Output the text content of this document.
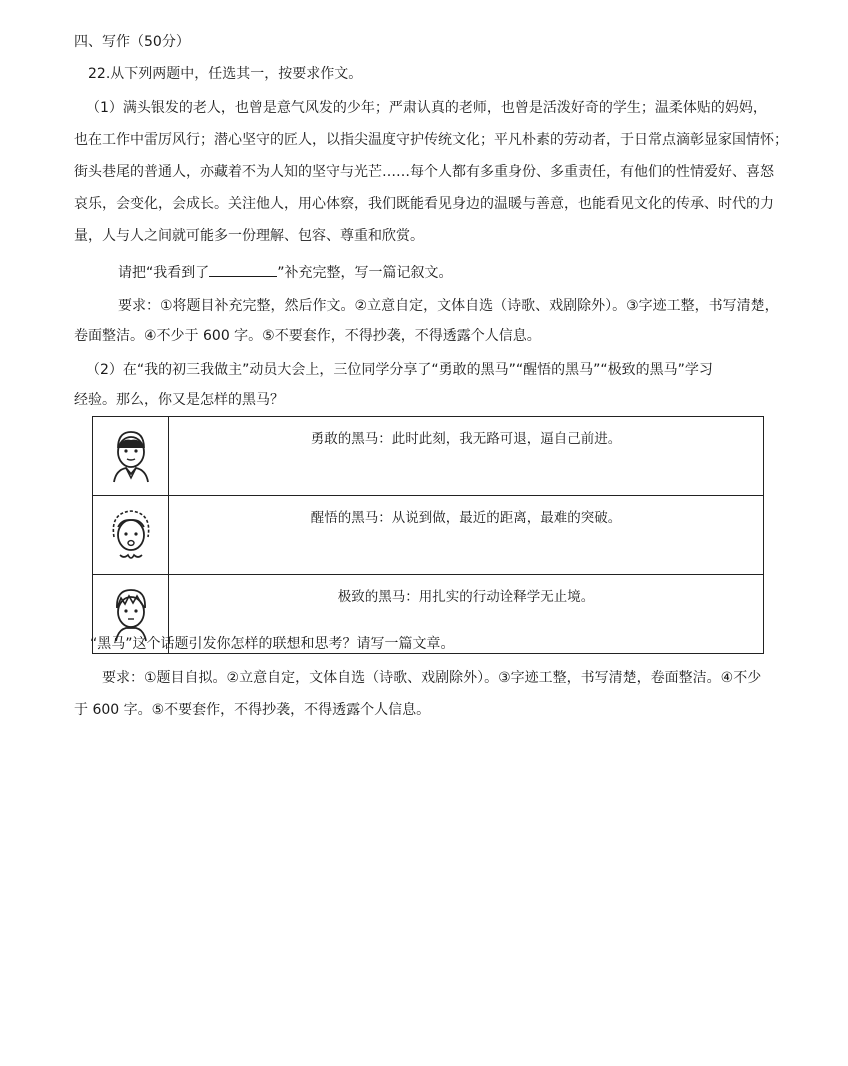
四、写作（50分）
22.从下列两题中，任选其一，按要求作文。
（1）满头银发的老人，也曾是意气风发的少年；严肃认真的老师，也曾是活泼好奇的学生；温柔体贴的妈妈，
也在工作中雷厉风行；潜心坚守的匠人，以指尖温度守护传统文化；平凡朴素的劳动者，于日常点滴彰显家国情怀；
街头巷尾的普通人，亦藏着不为人知的坚守与光芒……每个人都有多重身份、多重责任，有他们的性情爱好、喜怒
哀乐，会变化，会成长。关注他人，用心体察，我们既能看见身边的温暖与善意，也能看见文化的传承、时代的力
量，人与人之间就可能多一份理解、包容、尊重和欣赏。
请把“我看到了	”补充完整，写一篇记叙文。
要求：①将题目补充完整，然后作文。②立意自定，文体自选（诗歌、戏剧除外）。③字迹工整，书写清楚，
卷面整洁。④不少于 600 字。⑤不要套作，不得抄袭，不得透露个人信息。
（2）在“我的初三我做主”动员大会上，三位同学分享了“勇敢的黑马”“醒悟的黑马”“极致的黑马”学习
经验。那么，你又是怎样的黑马？
	勇敢的黑马：此时此刻，我无路可退，逼自己前进。

	醒悟的黑马：从说到做，最近的距离，最难的突破。

	极致的黑马：用扎实的行动诠释学无止境。
“黑马”这个话题引发你怎样的联想和思考？请写一篇文章。
要求：①题目自拟。②立意自定，文体自选（诗歌、戏剧除外）。③字迹工整，书写清楚，卷面整洁。④不少
于 600 字。⑤不要套作，不得抄袭，不得透露个人信息。
